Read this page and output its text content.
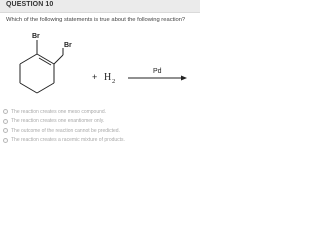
QUESTION 10
Which of the following statements is true about the following reaction?
Br
Br
+ H 2
Pd
The reaction creates one meso compound.
The reaction creates one enantiomer only.
The outcome of the reaction cannot be predicted.
The reaction creates a racemic mixture of products.
